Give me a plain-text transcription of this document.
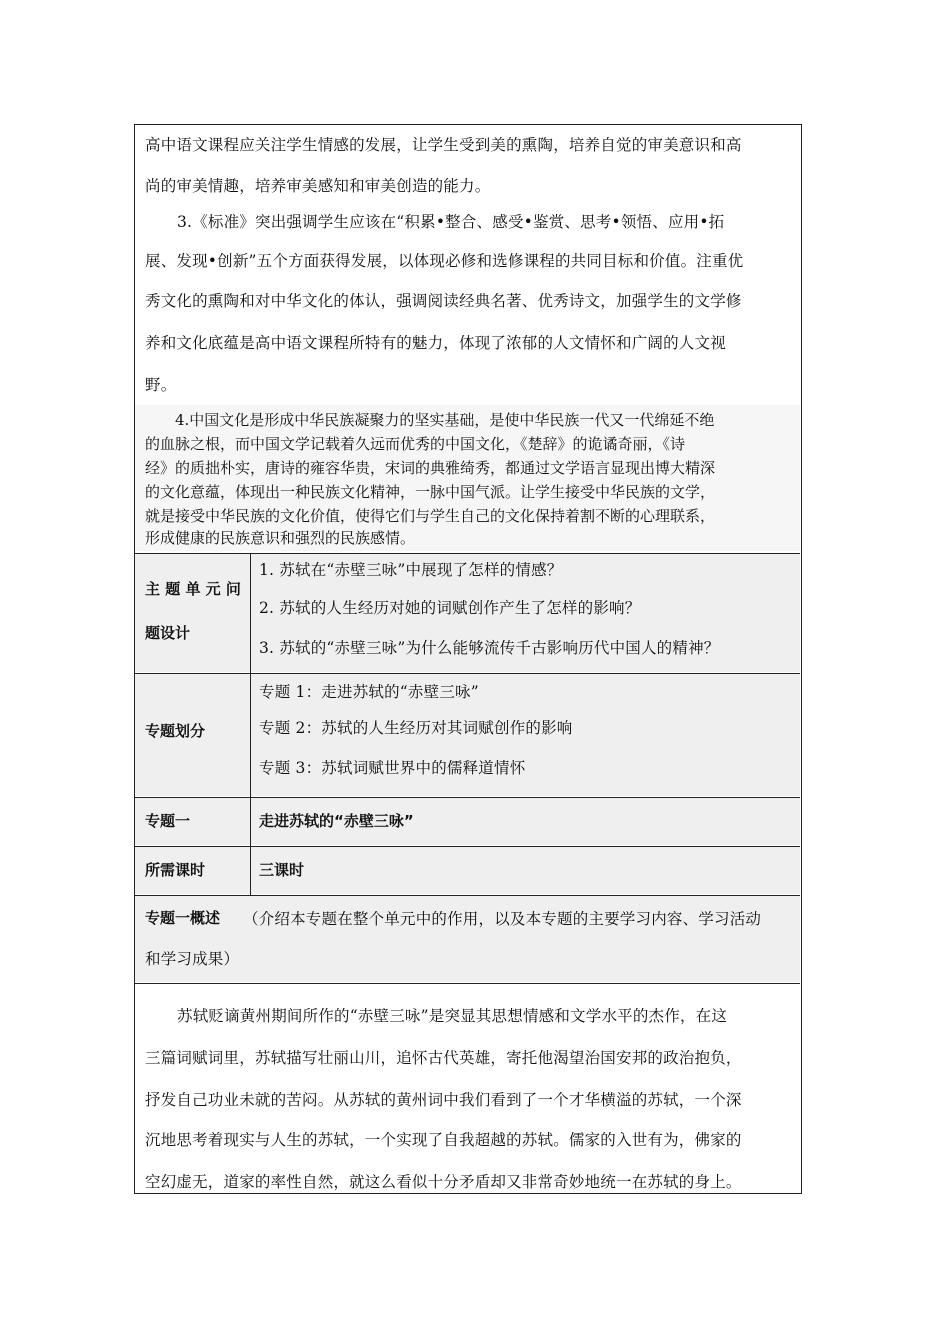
高中语文课程应关注学生情感的发展，让学生受到美的熏陶，培养自觉的审美意识和高
尚的审美情趣，培养审美感知和审美创造的能力。
3.《标准》突出强调学生应该在“积累•整合、感受•鉴赏、思考•领悟、应用•拓
展、发现•创新”五个方面获得发展，以体现必修和选修课程的共同目标和价值。注重优
秀文化的熏陶和对中华文化的体认，强调阅读经典名著、优秀诗文，加强学生的文学修
养和文化底蕴是高中语文课程所特有的魅力，体现了浓郁的人文情怀和广阔的人文视
野。
4.中国文化是形成中华民族凝聚力的坚实基础，是使中华民族一代又一代绵延不绝
的血脉之根，而中国文学记载着久远而优秀的中国文化，《楚辞》的诡谲奇丽，《诗
经》的质拙朴实，唐诗的雍容华贵，宋词的典雅绮秀，都通过文学语言显现出博大精深
的文化意蕴，体现出一种民族文化精神，一脉中国气派。让学生接受中华民族的文学，
就是接受中华民族的文化价值，使得它们与学生自己的文化保持着割不断的心理联系，
形成健康的民族意识和强烈的民族感情。
主 题 单 元 问
题设计
1. 苏轼在“赤壁三咏”中展现了怎样的情感？
2. 苏轼的人生经历对她的词赋创作产生了怎样的影响？
3. 苏轼的“赤壁三咏”为什么能够流传千古影响历代中国人的精神？
专题划分
专题 1：走进苏轼的“赤壁三咏”
专题 2：苏轼的人生经历对其词赋创作的影响
专题 3：苏轼词赋世界中的儒释道情怀
专题一	走进苏轼的“赤壁三咏”
所需课时	三课时
专题一概述 （介绍本专题在整个单元中的作用，以及本专题的主要学习内容、学习活动
和学习成果）
苏轼贬谪黄州期间所作的“赤壁三咏”是突显其思想情感和文学水平的杰作，在这
三篇词赋词里，苏轼描写壮丽山川，追怀古代英雄，寄托他渴望治国安邦的政治抱负，
抒发自己功业未就的苦闷。从苏轼的黄州词中我们看到了一个才华横溢的苏轼，一个深
沉地思考着现实与人生的苏轼，一个实现了自我超越的苏轼。儒家的入世有为，佛家的
空幻虚无，道家的率性自然，就这么看似十分矛盾却又非常奇妙地统一在苏轼的身上。
